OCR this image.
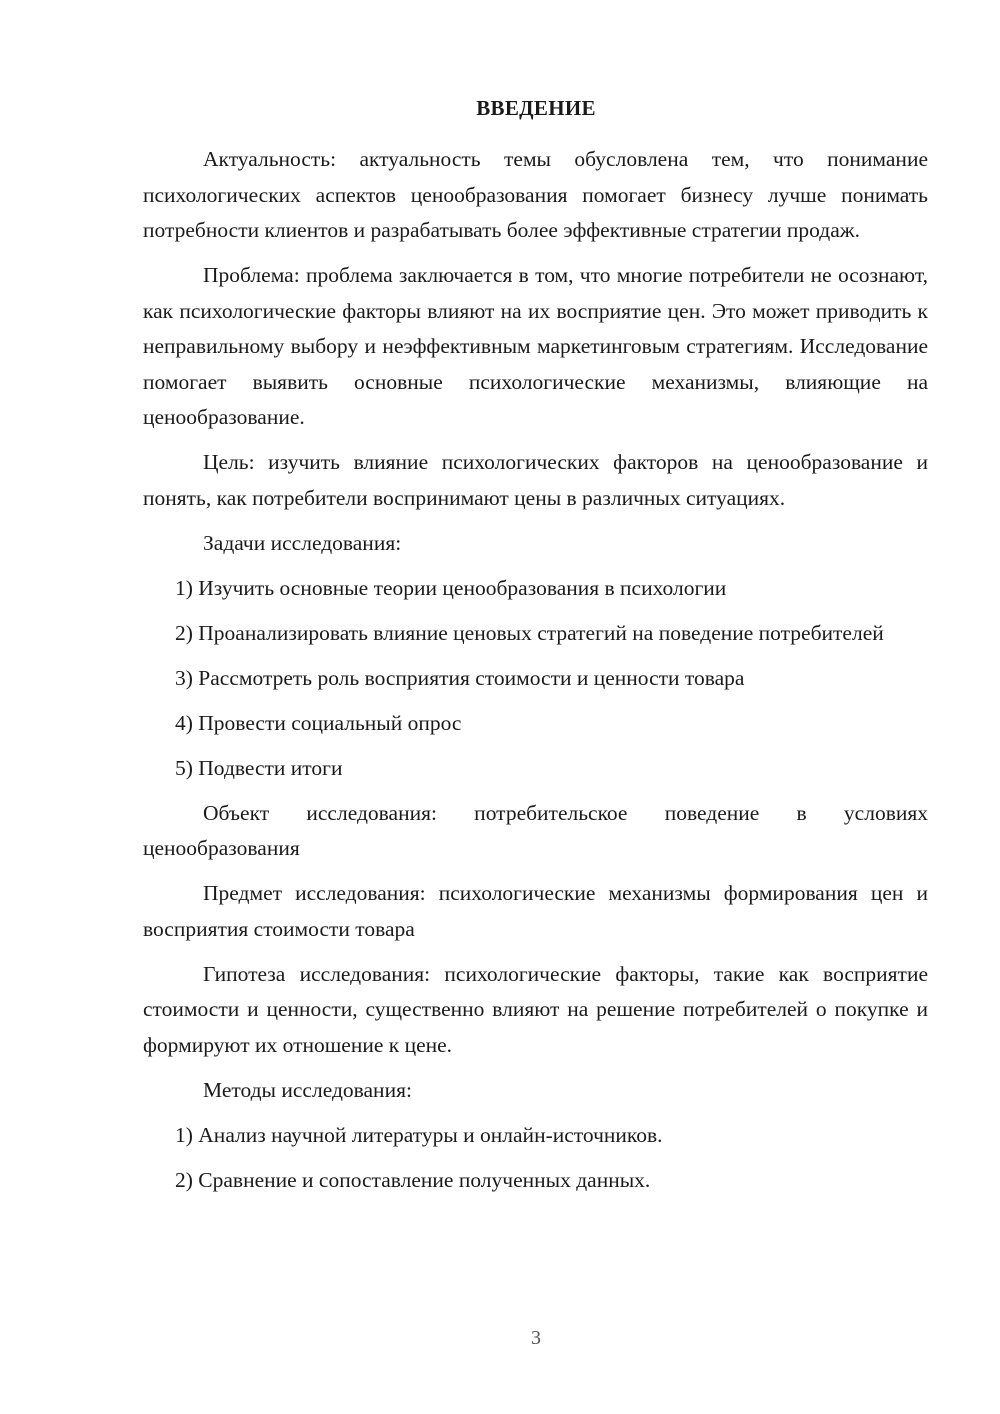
ВВЕДЕНИЕ

Актуальность: актуальность темы обусловлена тем, что понимание психологических аспектов ценообразования помогает бизнесу лучше понимать потребности клиентов и разрабатывать более эффективные стратегии продаж.

Проблема: проблема заключается в том, что многие потребители не осознают, как психологические факторы влияют на их восприятие цен. Это может приводить к неправильному выбору и неэффективным маркетинговым стратегиям. Исследование помогает выявить основные психологические механизмы, влияющие на ценообразование.

Цель: изучить влияние психологических факторов на ценообразование и понять, как потребители воспринимают цены в различных ситуациях.

Задачи исследования:

1) Изучить основные теории ценообразования в психологии

2) Проанализировать влияние ценовых стратегий на поведение потребителей

3) Рассмотреть роль восприятия стоимости и ценности товара

4) Провести социальный опрос

5) Подвести итоги

Объект исследования: потребительское поведение в условиях ценообразования

Предмет исследования: психологические механизмы формирования цен и восприятия стоимости товара

Гипотеза исследования: психологические факторы, такие как восприятие стоимости и ценности, существенно влияют на решение потребителей о покупке и формируют их отношение к цене.

Методы исследования:

1) Анализ научной литературы и онлайн-источников.

2) Сравнение и сопоставление полученных данных.

3
